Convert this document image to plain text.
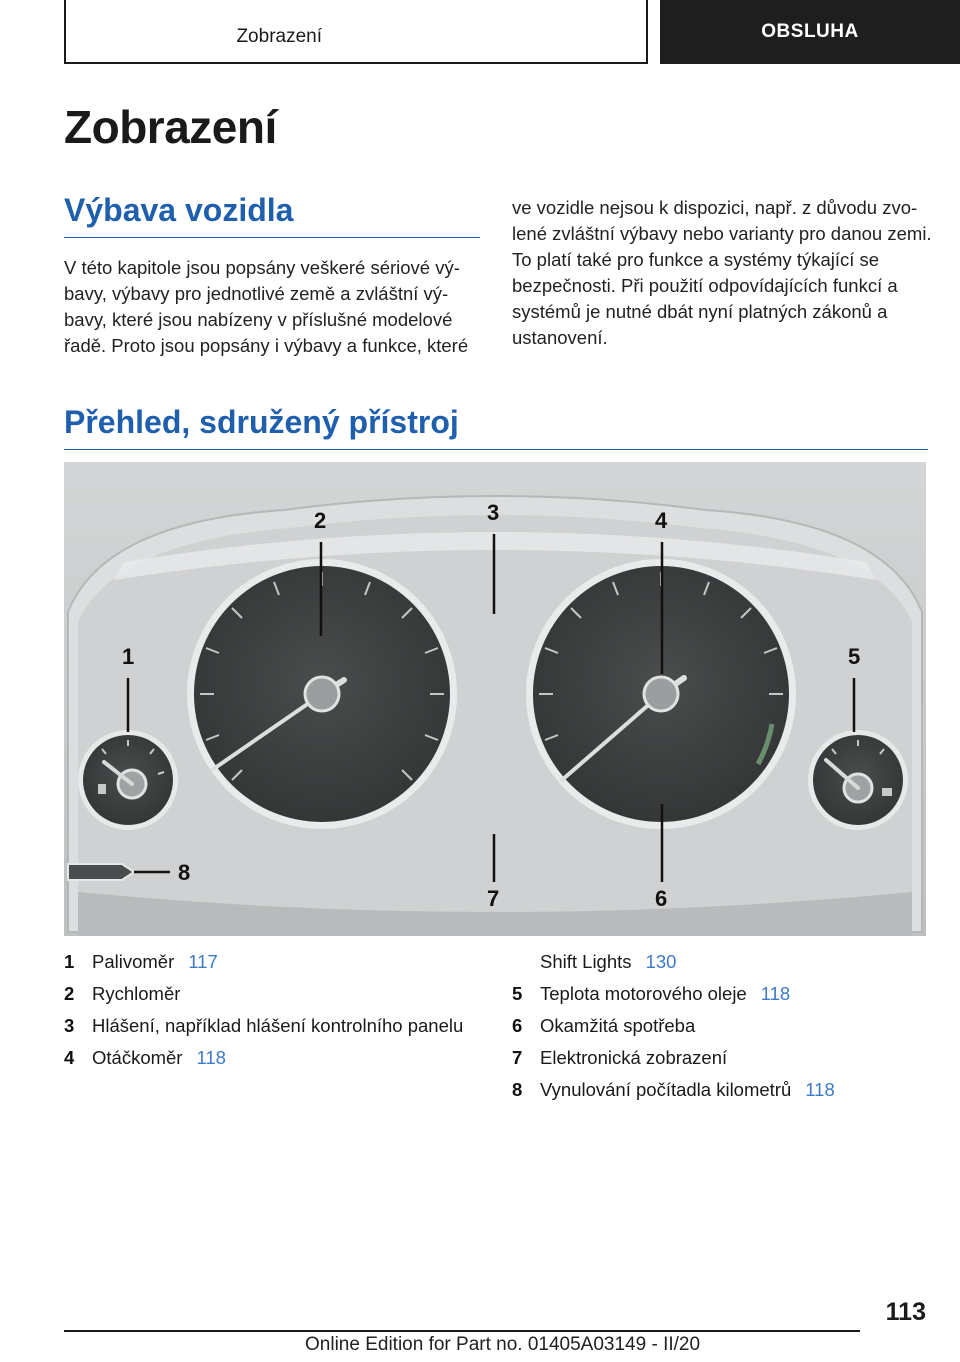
Zobrazení	OBSLUHA
Zobrazení
Výbava vozidla

V této kapitole jsou popsány veškeré sériové vý- bavy, výbavy pro jednotlivé země a zvláštní vý- bavy, které jsou nabízeny v příslušné modelové řadě. Proto jsou popsány i výbavy a funkce, které

ve vozidle nejsou k dispozici, např. z důvodu zvo- lené zvláštní výbavy nebo varianty pro danou zemi. To platí také pro funkce a systémy týkající se bezpečnosti. Při použití odpovídajících funkcí a systémů je nutné dbát nyní platných zákonů a ustanovení.

Přehled, sdružený přístroj
1
2	3	4
5
6
7
8
1 Palivoměr 117
2 Rychloměr
3 Hlášení, například hlášení kontrolního panelu
4 Otáčkoměr 118
Shift Lights 130
5 Teplota motorového oleje 118
6 Okamžitá spotřeba
7 Elektronická zobrazení
8 Vynulování počítadla kilometrů 118
113
Online Edition for Part no. 01405A03149 - II/20
